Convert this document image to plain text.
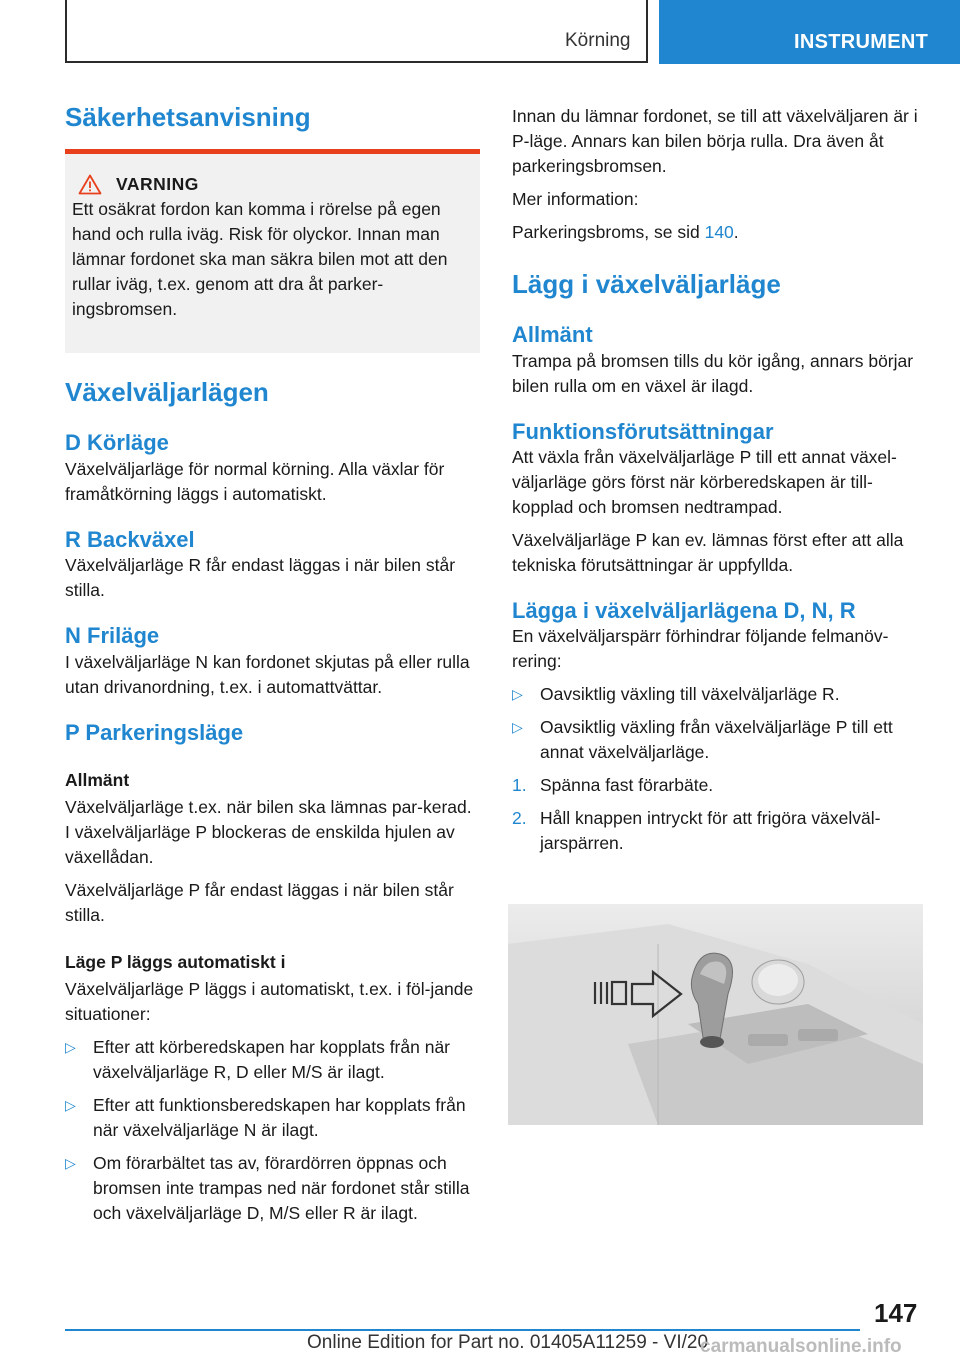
Körning	INSTRUMENT
Säkerhetsanvisning
VARNING

Ett osäkrat fordon kan komma i rörelse på egen hand och rulla iväg. Risk för olyckor. Innan man lämnar fordonet ska man säkra bilen mot att den rullar iväg, t.ex. genom att dra åt parker-ingsbromsen.

Växelväljarlägen
D Körläge

Växelväljarläge för normal körning. Alla växlar för framåtkörning läggs i automatiskt.

R Backväxel

Växelväljarläge R får endast läggas i när bilen står stilla.

N Friläge

I växelväljarläge N kan fordonet skjutas på eller rulla utan drivanordning, t.ex. i automattvättar.

P Parkeringsläge
Allmänt

Växelväljarläge t.ex. när bilen ska lämnas par-kerad. I växelväljarläge P blockeras de enskilda hjulen av växellådan.

Växelväljarläge P får endast läggas i när bilen står stilla.

Läge P läggs automatiskt i

Växelväljarläge P läggs i automatiskt, t.ex. i föl-jande situationer:

▷ Efter att körberedskapen har kopplats från när växelväljarläge R, D eller M/S är ilagt.
▷ Efter att funktionsberedskapen har kopplats från när växelväljarläge N är ilagt.
▷ Om förarbältet tas av, förardörren öppnas och bromsen inte trampas ned när fordonet står stilla och växelväljarläge D, M/S eller R är ilagt.

Innan du lämnar fordonet, se till att växelväljaren är i P-läge. Annars kan bilen börja rulla. Dra även åt parkeringsbromsen.

Mer information:

Parkeringsbroms, se sid 140.

Lägg i växelväljarläge
Allmänt

Trampa på bromsen tills du kör igång, annars börjar bilen rulla om en växel är ilagd.

Funktionsförutsättningar

Att växla från växelväljarläge P till ett annat växel-väljarläge görs först när körberedskapen är till-kopplad och bromsen nedtrampad.

Växelväljarläge P kan ev. lämnas först efter att alla tekniska förutsättningar är uppfyllda.

Lägga i växelväljarlägena D, N, R

En växelväljarspärr förhindrar följande felmanöv-rering:

▷ Oavsiktlig växling till växelväljarläge R.
▷ Oavsiktlig växling från växelväljarläge P till ett annat växelväljarläge.
1. Spänna fast förarbäte.
2. Håll knappen intryckt för att frigöra växelväl-jarspärren.
147
Online Edition for Part no. 01405A11259 - VI/20
carmanualsonline.info
